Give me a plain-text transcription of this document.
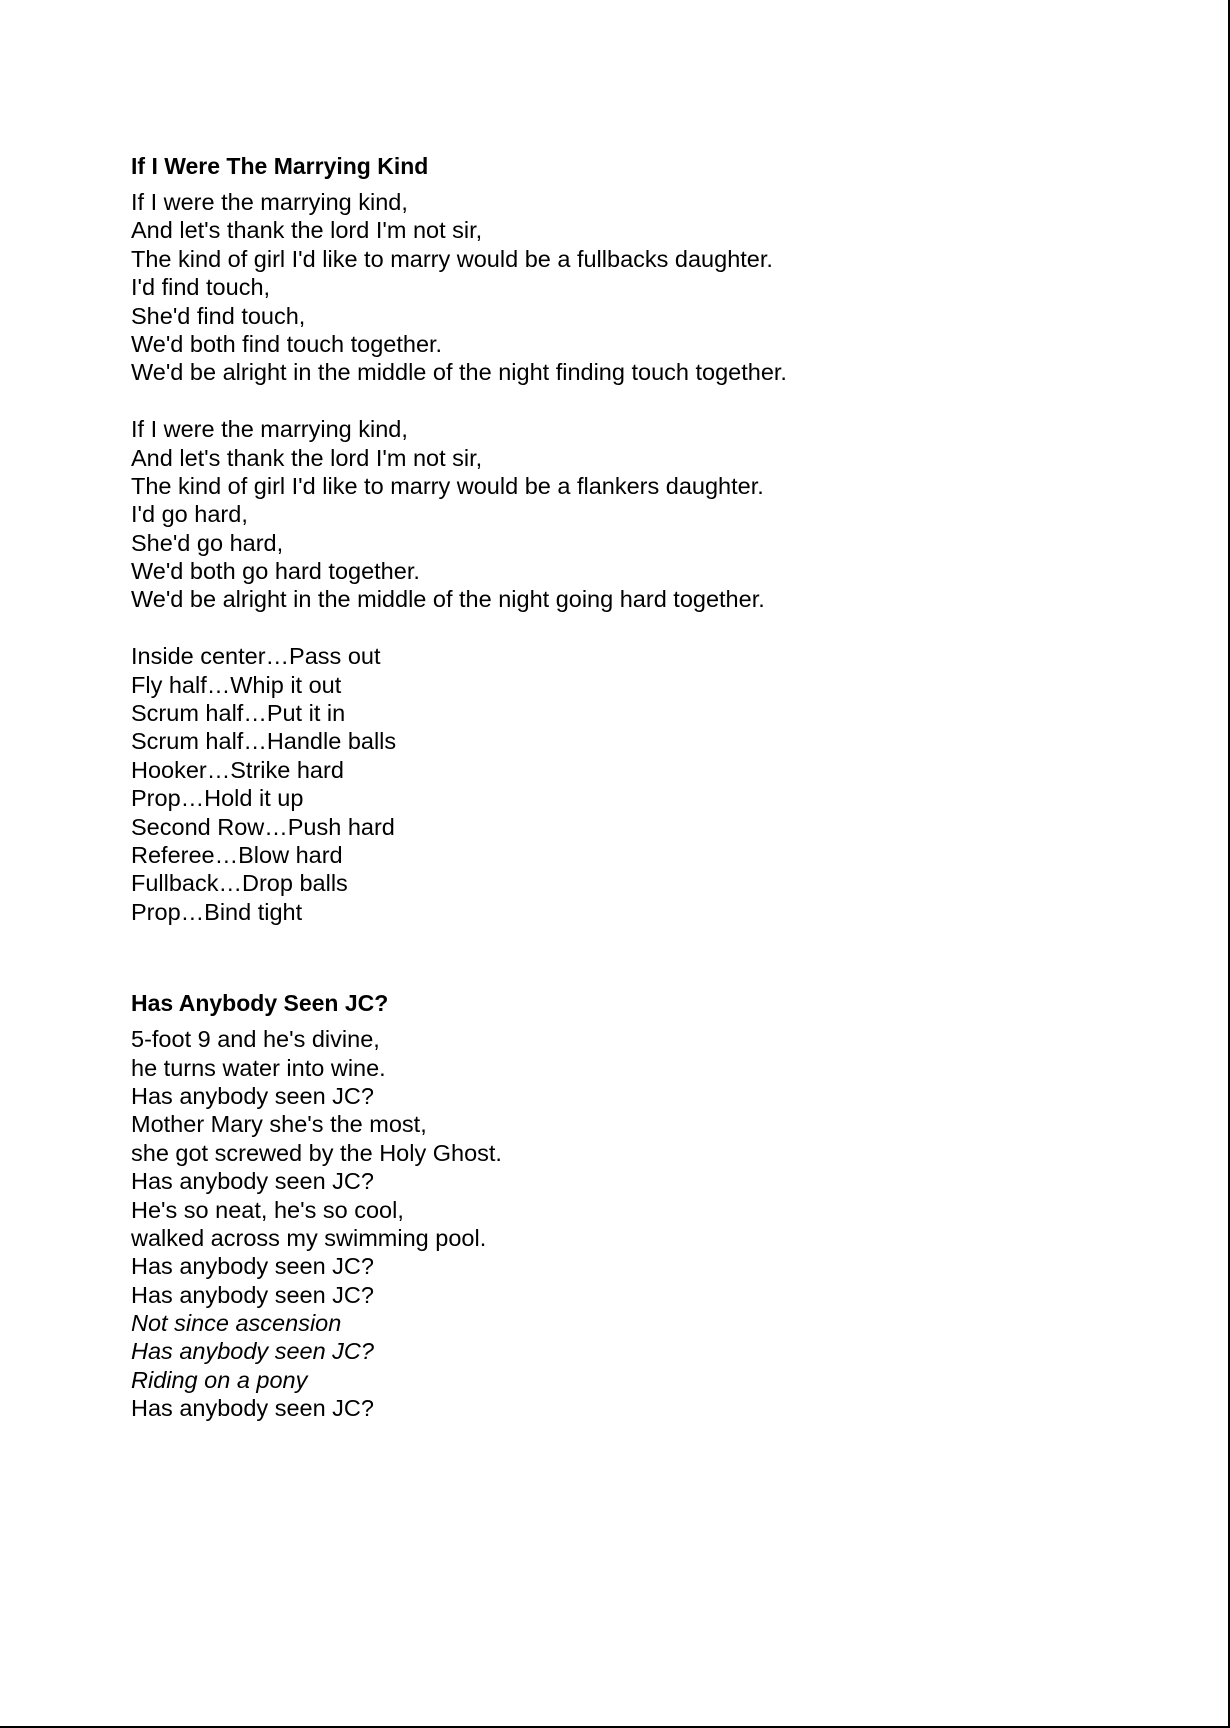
If I Were The Marrying Kind
If I were the marrying kind,
And let's thank the lord I'm not sir,
The kind of girl I'd like to marry would be a fullbacks daughter.
I'd find touch,
She'd find touch,
We'd both find touch together.
We'd be alright in the middle of the night finding touch together.
If I were the marrying kind,
And let's thank the lord I'm not sir,
The kind of girl I'd like to marry would be a flankers daughter.
I'd go hard,
She'd go hard,
We'd both go hard together.
We'd be alright in the middle of the night going hard together.
Inside center…Pass out
Fly half…Whip it out
Scrum half…Put it in
Scrum half…Handle balls
Hooker…Strike hard
Prop…Hold it up
Second Row…Push hard
Referee…Blow hard
Fullback…Drop balls
Prop…Bind tight
Has Anybody Seen JC?
5-foot 9 and he's divine,
he turns water into wine.
Has anybody seen JC?
Mother Mary she's the most,
she got screwed by the Holy Ghost.
Has anybody seen JC?
He's so neat, he's so cool,
walked across my swimming pool.
Has anybody seen JC?
Has anybody seen JC?
Not since ascension
Has anybody seen JC?
Riding on a pony
Has anybody seen JC?
